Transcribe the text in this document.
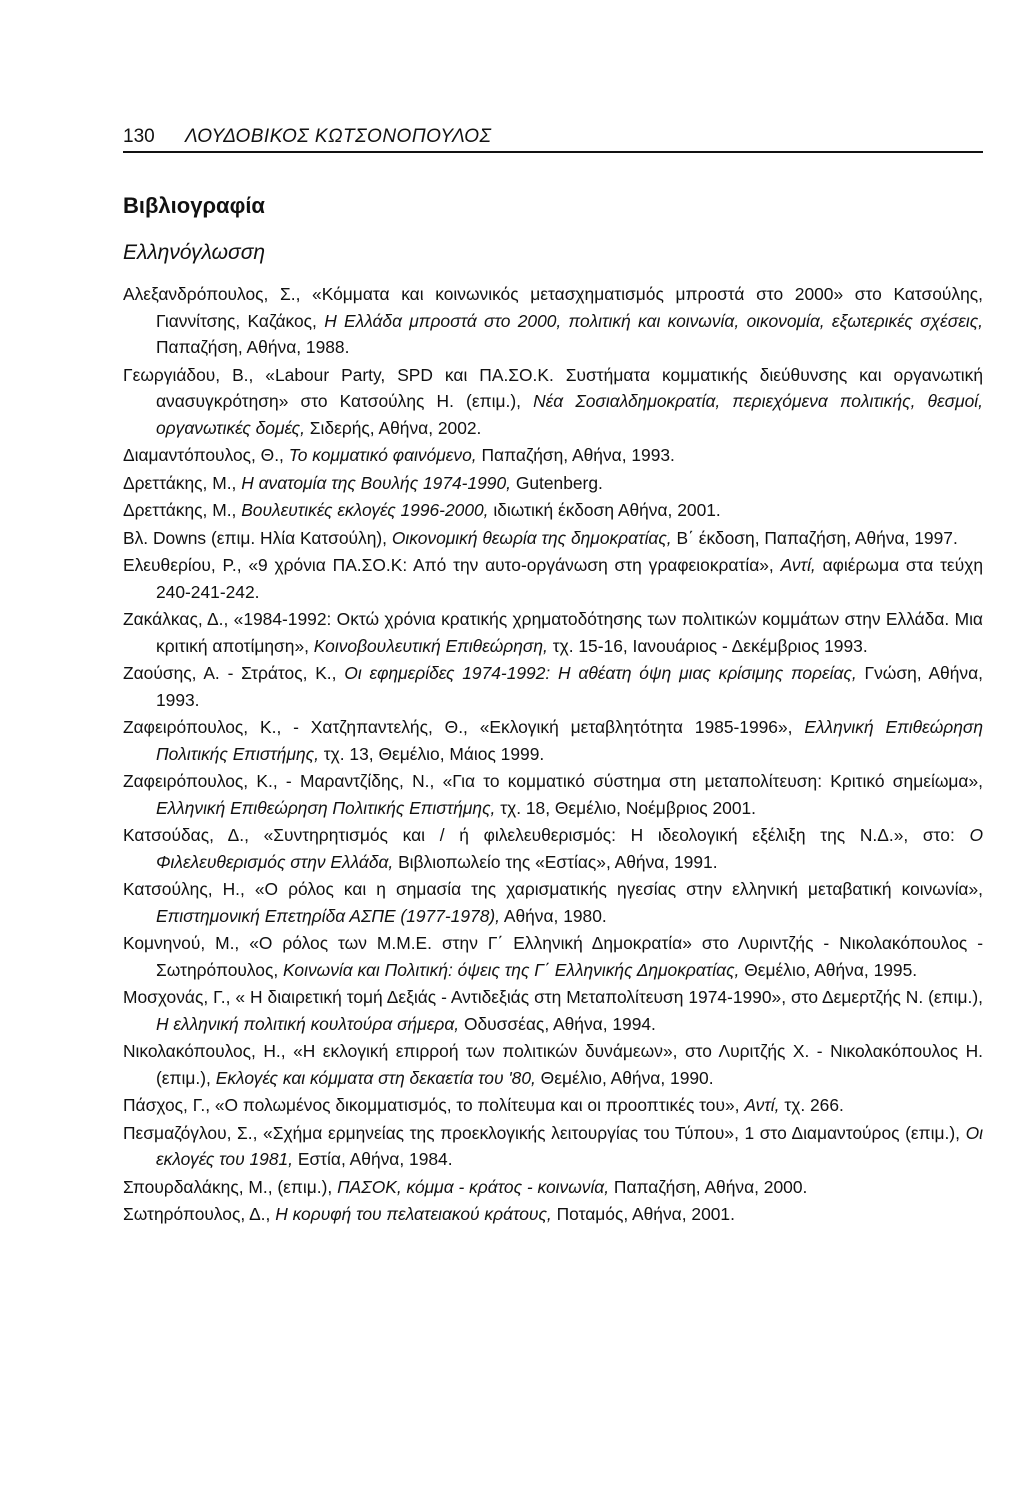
130	ΛΟΥΔΟΒΙΚΟΣ ΚΩΤΣΟΝΟΠΟΥΛΟΣ
Βιβλιογραφία
Ελληνόγλωσση

Αλεξανδρόπουλος, Σ., «Κόμματα και κοινωνικός μετασχηματισμός μπροστά στο 2000» στο Κατσούλης, Γιαννίτσης, Καζάκος, Η Ελλάδα μπροστά στο 2000, πολιτική και κοινωνία, οικονομία, εξωτερικές σχέσεις, Παπαζήση, Αθήνα, 1988.

Γεωργιάδου, Β., «Labour Party, SPD και ΠΑ.ΣΟ.Κ. Συστήματα κομματικής διεύθυνσης και οργανωτική ανασυγκρότηση» στο Κατσούλης Η. (επιμ.), Νέα Σοσιαλδημοκρατία, περιεχόμενα πολιτικής, θεσμοί, οργανωτικές δομές, Σιδερής, Αθήνα, 2002.

Διαμαντόπουλος, Θ., Το κομματικό φαινόμενο, Παπαζήση, Αθήνα, 1993.

Δρεττάκης, Μ., Η ανατομία της Βουλής 1974-1990, Gutenberg.

Δρεττάκης, Μ., Βουλευτικές εκλογές 1996-2000, ιδιωτική έκδοση Αθήνα, 2001.

Βλ. Downs (επιμ. Ηλία Κατσούλη), Οικονομική θεωρία της δημοκρατίας, Β΄ έκδοση, Παπαζήση, Αθήνα, 1997.

Ελευθερίου, Ρ., «9 χρόνια ΠΑ.ΣΟ.Κ: Από την αυτο-οργάνωση στη γραφειοκρατία», Αντί, αφιέρωμα στα τεύχη 240-241-242.

Ζακάλκας, Δ., «1984-1992: Οκτώ χρόνια κρατικής χρηματοδότησης των πολιτικών κομμάτων στην Ελλάδα. Μια κριτική αποτίμηση», Κοινοβουλευτική Επιθεώρηση, τχ. 15-16, Ιανουάριος - Δεκέμβριος 1993.

Ζαούσης, Α. - Στράτος, Κ., Οι εφημερίδες 1974-1992: Η αθέατη όψη μιας κρίσιμης πορείας, Γνώση, Αθήνα, 1993.

Ζαφειρόπουλος, Κ., - Χατζηπαντελής, Θ., «Εκλογική μεταβλητότητα 1985-1996», Ελληνική Επιθεώρηση Πολιτικής Επιστήμης, τχ. 13, Θεμέλιο, Μάιος 1999.

Ζαφειρόπουλος, Κ., - Μαραντζίδης, Ν., «Για το κομματικό σύστημα στη μεταπολίτευση: Κριτικό σημείωμα», Ελληνική Επιθεώρηση Πολιτικής Επιστήμης, τχ. 18, Θεμέλιο, Νοέμβριος 2001.

Κατσούδας, Δ., «Συντηρητισμός και / ή φιλελευθερισμός: Η ιδεολογική εξέλιξη της Ν.Δ.», στο: Ο Φιλελευθερισμός στην Ελλάδα, Βιβλιοπωλείο της «Εστίας», Αθήνα, 1991.

Κατσούλης, Η., «Ο ρόλος και η σημασία της χαρισματικής ηγεσίας στην ελληνική μεταβατική κοινωνία», Επιστημονική Επετηρίδα ΑΣΠΕ (1977-1978), Αθήνα, 1980.

Κομνηνού, Μ., «Ο ρόλος των Μ.Μ.Ε. στην Γ΄ Ελληνική Δημοκρατία» στο Λυριντζής - Νικολακόπουλος - Σωτηρόπουλος, Κοινωνία και Πολιτική: όψεις της Γ΄ Ελληνικής Δημοκρατίας, Θεμέλιο, Αθήνα, 1995.

Μοσχονάς, Γ., « Η διαιρετική τομή Δεξιάς - Αντιδεξιάς στη Μεταπολίτευση 1974-1990», στο Δεμερτζής Ν. (επιμ.), Η ελληνική πολιτική κουλτούρα σήμερα, Οδυσσέας, Αθήνα, 1994.

Νικολακόπουλος, Η., «Η εκλογική επιρροή των πολιτικών δυνάμεων», στο Λυριτζής Χ. - Νικολακόπουλος Η.(επιμ.), Εκλογές και κόμματα στη δεκαετία του '80, Θεμέλιο, Αθήνα, 1990.

Πάσχος, Γ., «Ο πολωμένος δικομματισμός, το πολίτευμα και οι προοπτικές του», Αντί, τχ. 266.

Πεσμαζόγλου, Σ., «Σχήμα ερμηνείας της προεκλογικής λειτουργίας του Τύπου», 1 στο Διαμαντούρος (επιμ.), Οι εκλογές του 1981, Εστία, Αθήνα, 1984.

Σπουρδαλάκης, Μ., (επιμ.), ΠΑΣΟΚ, κόμμα - κράτος - κοινωνία, Παπαζήση, Αθήνα, 2000.

Σωτηρόπουλος, Δ., Η κορυφή του πελατειακού κράτους, Ποταμός, Αθήνα, 2001.
